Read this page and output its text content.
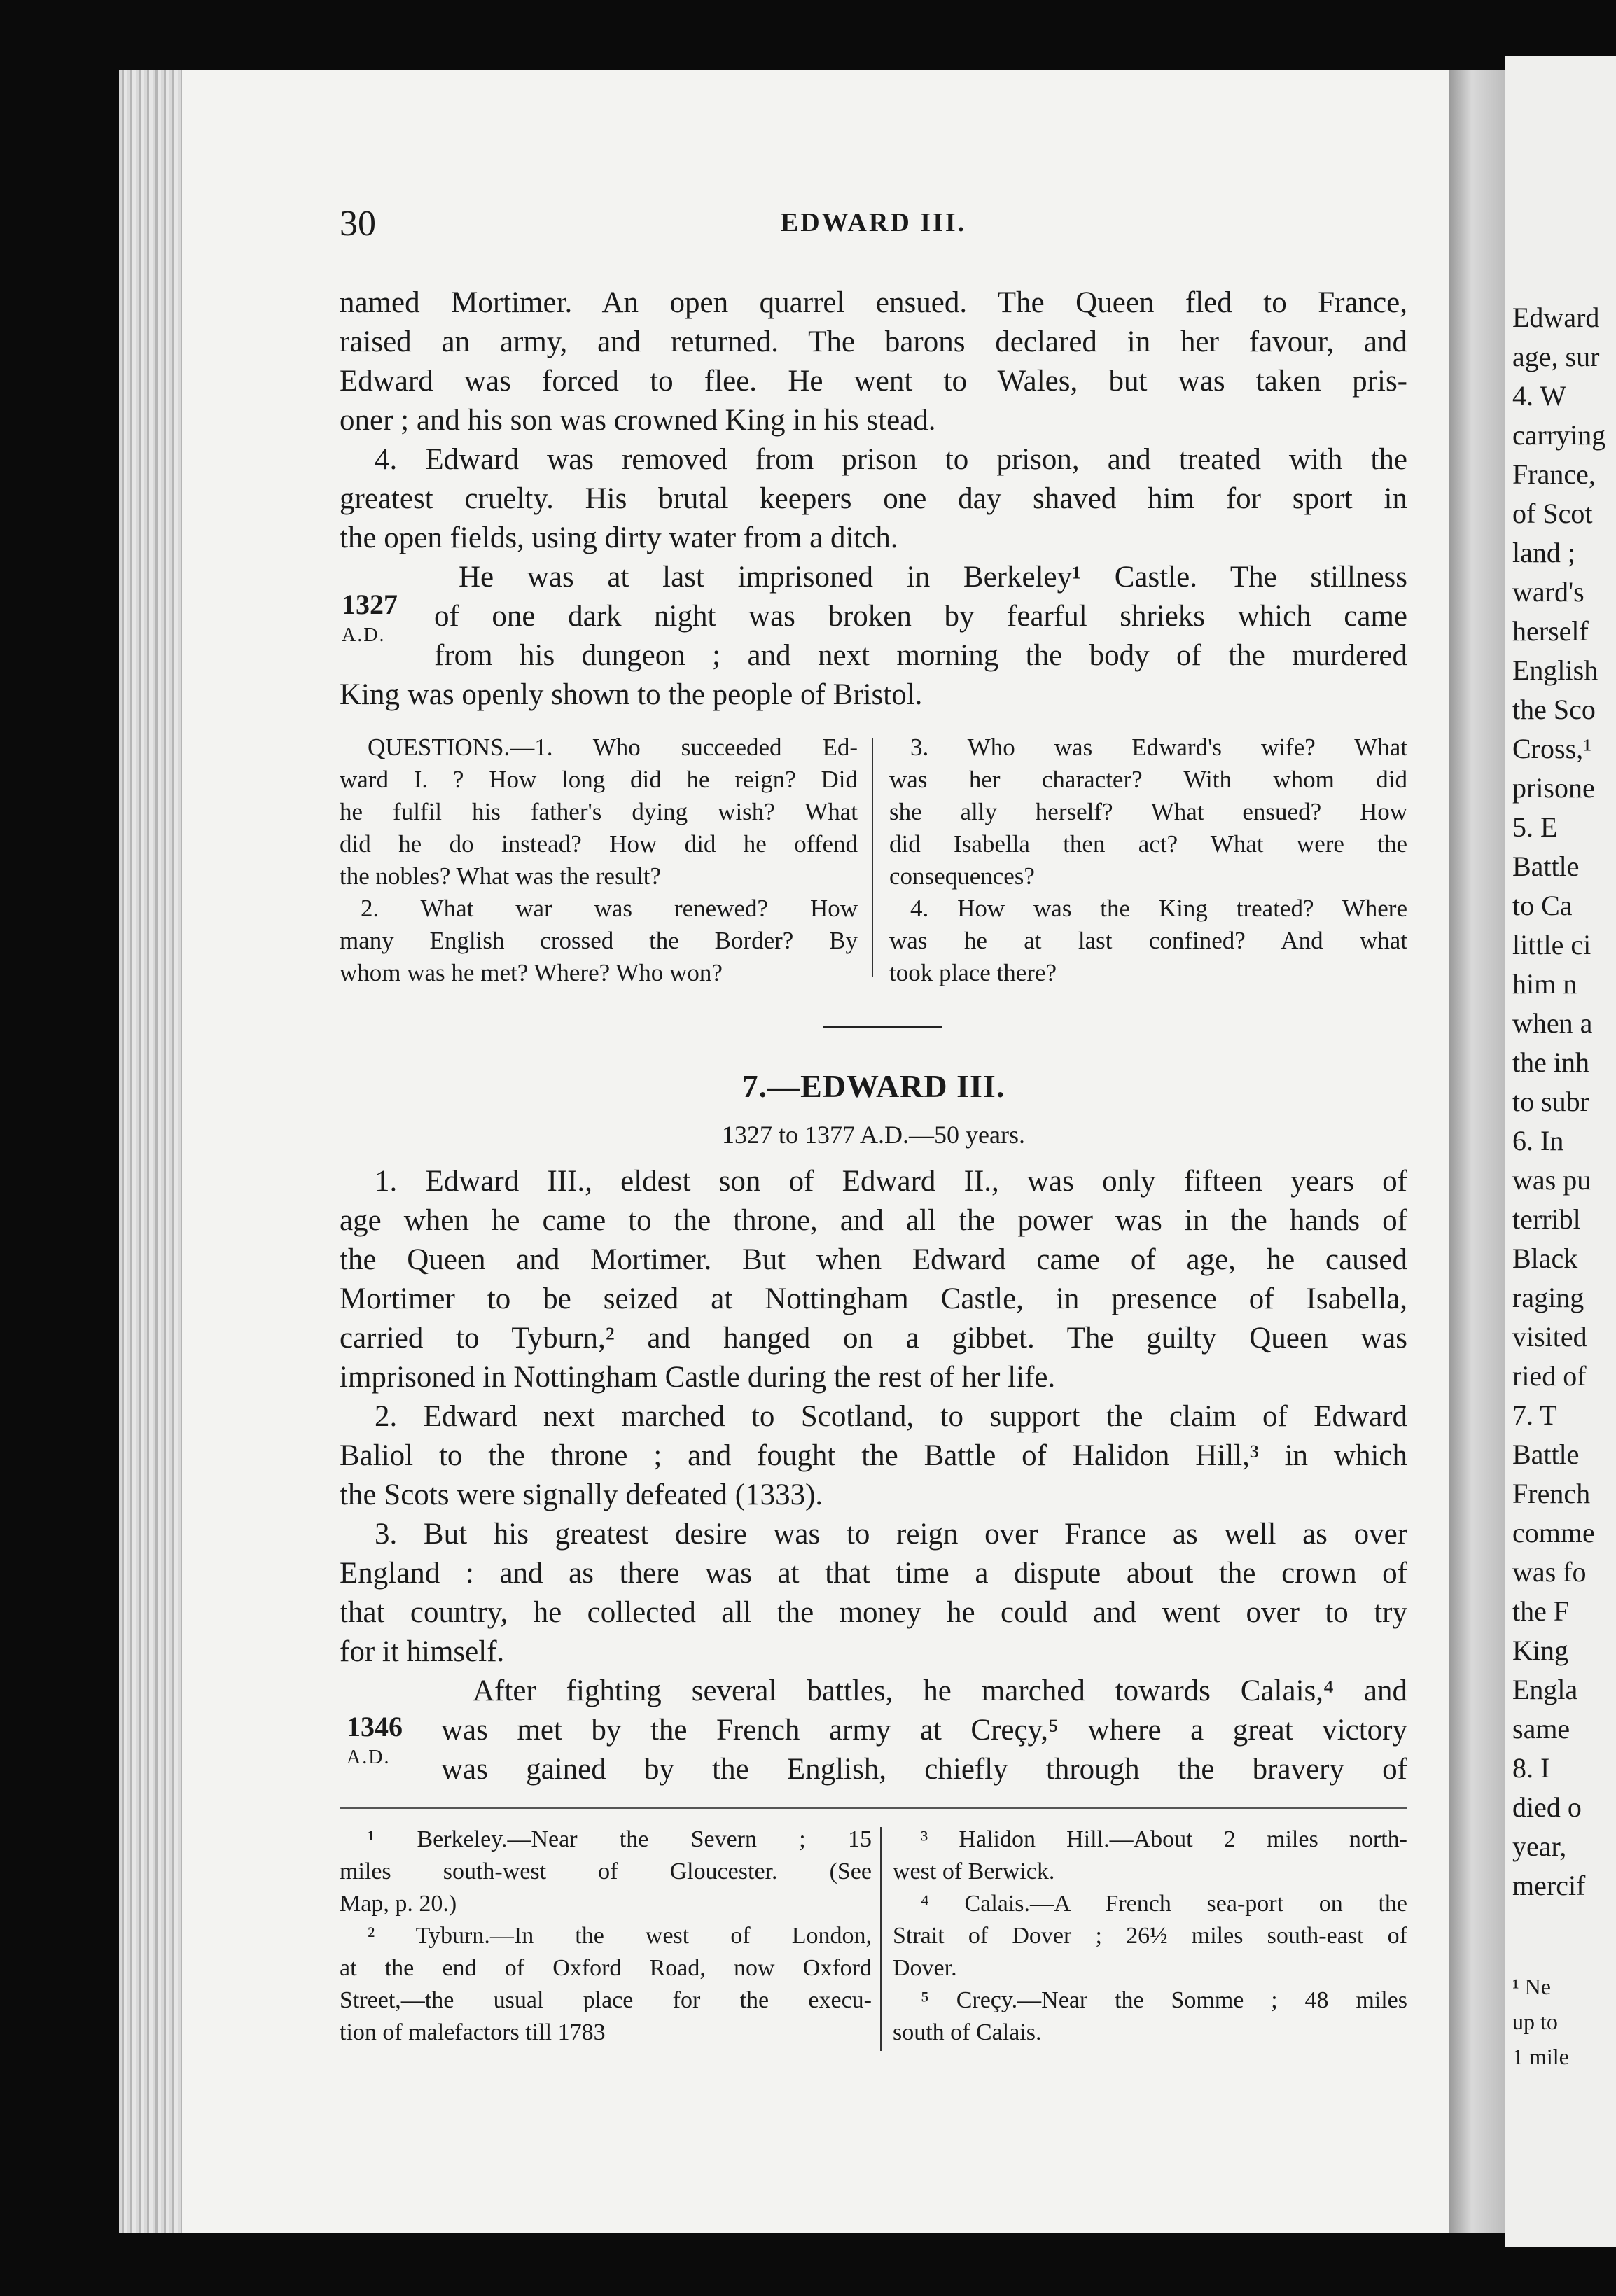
Edward
age, sur
4. W
carrying
France,
of Scot
land ;
ward's
herself
English
the Sco
Cross,¹
prisone
5. E
Battle
to Ca
little ci
him n
when a
the inh
to subr
6. In
was pu
terribl
Black
raging
visited
ried of
7. T
Battle
French
comme
was fo
the F
King
Engla
same
8. I
died o
year,
mercif
¹ Ne
up to
1 mile
30	EDWARD III.
named Mortimer. An open quarrel ensued. The Queen fled to France,
raised an army, and returned. The barons declared in her favour, and
Edward was forced to flee. He went to Wales, but was taken pris-
oner ; and his son was crowned King in his stead.
4. Edward was removed from prison to prison, and treated with the
greatest cruelty. His brutal keepers one day shaved him for sport in
the open fields, using dirty water from a ditch.
He was at last imprisoned in Berkeley¹ Castle. The stillness
of one dark night was broken by fearful shrieks which came
from his dungeon ; and next morning the body of the murdered
King was openly shown to the people of Bristol.
1327
A.D.
QUESTIONS.—1. Who succeeded Ed-
ward I. ? How long did he reign? Did
he fulfil his father's dying wish? What
did he do instead? How did he offend
the nobles? What was the result?
2. What war was renewed? How
many English crossed the Border? By
whom was he met? Where? Who won?
3. Who was Edward's wife? What
was her character? With whom did
she ally herself? What ensued? How
did Isabella then act? What were the
consequences?
4. How was the King treated? Where
was he at last confined? And what
took place there?
7.—EDWARD III.
1327 to 1377 A.D.—50 years.
1. Edward III., eldest son of Edward II., was only fifteen years of
age when he came to the throne, and all the power was in the hands of
the Queen and Mortimer. But when Edward came of age, he caused
Mortimer to be seized at Nottingham Castle, in presence of Isabella,
carried to Tyburn,² and hanged on a gibbet. The guilty Queen was
imprisoned in Nottingham Castle during the rest of her life.
2. Edward next marched to Scotland, to support the claim of Edward
Baliol to the throne ; and fought the Battle of Halidon Hill,³ in which
the Scots were signally defeated (1333).
3. But his greatest desire was to reign over France as well as over
England : and as there was at that time a dispute about the crown of
that country, he collected all the money he could and went over to try
for it himself.
After fighting several battles, he marched towards Calais,⁴ and
was met by the French army at Creçy,⁵ where a great victory
was gained by the English, chiefly through the bravery of
1346
A.D.
¹ Berkeley.—Near the Severn ; 15
miles south-west of Gloucester. (See
Map, p. 20.)
² Tyburn.—In the west of London,
at the end of Oxford Road, now Oxford
Street,—the usual place for the execu-
tion of malefactors till 1783
³ Halidon Hill.—About 2 miles north-
west of Berwick.
⁴ Calais.—A French sea-port on the
Strait of Dover ; 26½ miles south-east of
Dover.
⁵ Creçy.—Near the Somme ; 48 miles
south of Calais.
